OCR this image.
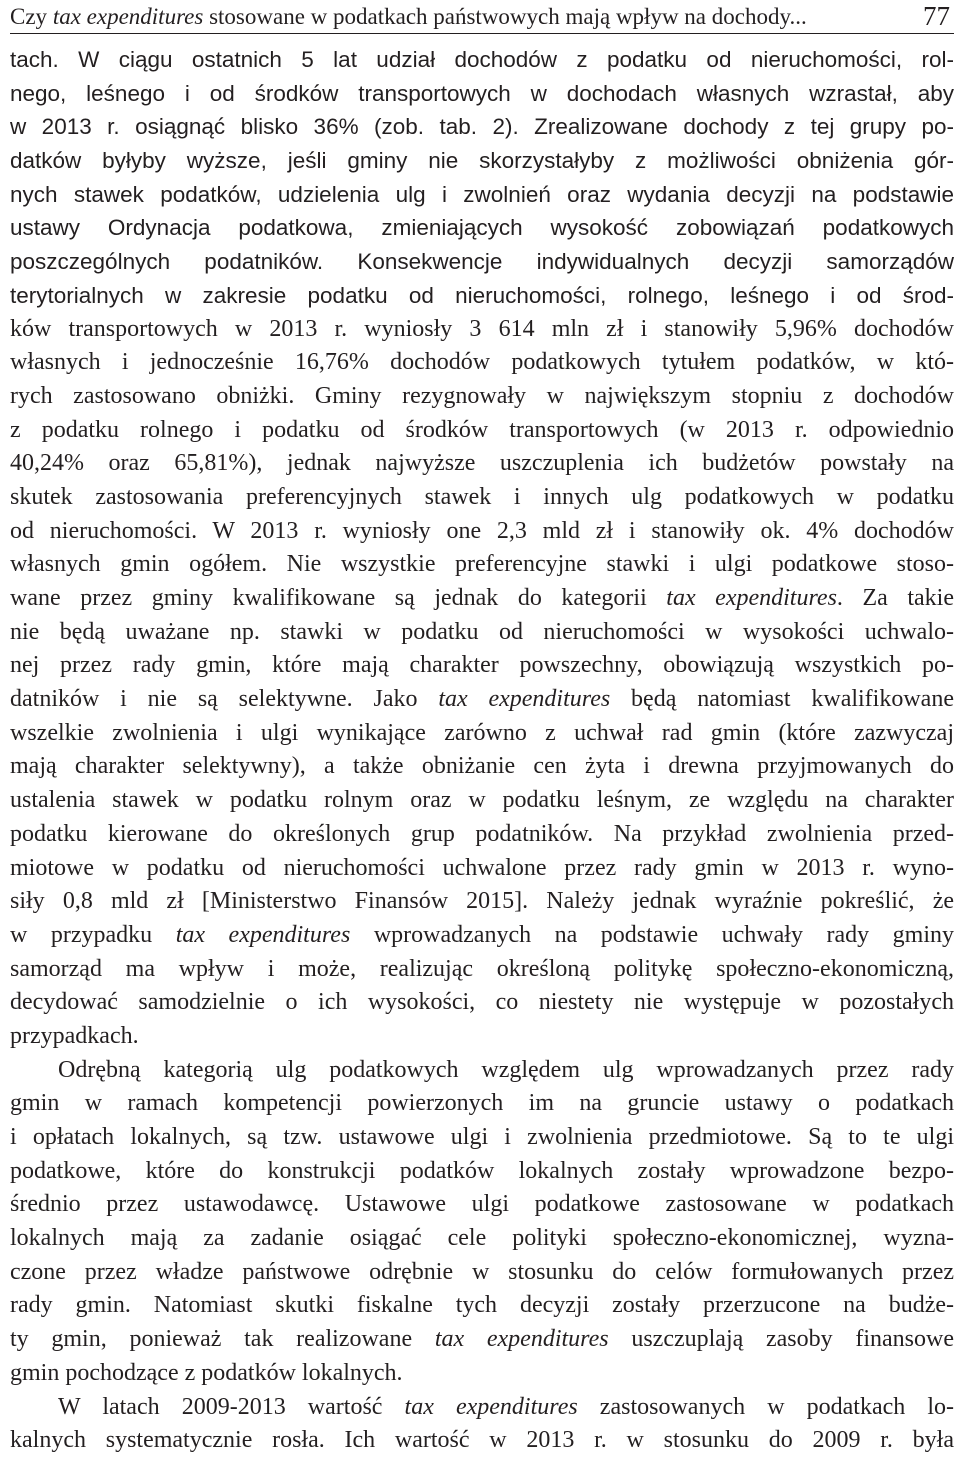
Czy tax expenditures stosowane w podatkach państwowych mają wpływ na dochody...	77
tach. W ciągu ostatnich 5 lat udział dochodów z podatku od nieruchomości, rol-
nego, leśnego i od środków transportowych w dochodach własnych wzrastał, aby
w 2013 r. osiągnąć blisko 36% (zob. tab. 2). Zrealizowane dochody z tej grupy po-
datków byłyby wyższe, jeśli gminy nie skorzystałyby z możliwości obniżenia gór-
nych stawek podatków, udzielenia ulg i zwolnień oraz wydania decyzji na podstawie
ustawy Ordynacja podatkowa, zmieniających wysokość zobowiązań podatkowych
poszczególnych podatników. Konsekwencje indywidualnych decyzji samorządów
terytorialnych w zakresie podatku od nieruchomości, rolnego, leśnego i od środ-
ków transportowych w 2013 r. wyniosły 3 614 mln zł i stanowiły 5,96% dochodów
własnych i jednocześnie 16,76% dochodów podatkowych tytułem podatków, w któ-
rych zastosowano obniżki. Gminy rezygnowały w największym stopniu z dochodów
z podatku rolnego i podatku od środków transportowych (w 2013 r. odpowiednio
40,24% oraz 65,81%), jednak najwyższe uszczuplenia ich budżetów powstały na
skutek zastosowania preferencyjnych stawek i innych ulg podatkowych w podatku
od nieruchomości. W 2013 r. wyniosły one 2,3 mld zł i stanowiły ok. 4% dochodów
własnych gmin ogółem. Nie wszystkie preferencyjne stawki i ulgi podatkowe stoso-
wane przez gminy kwalifikowane są jednak do kategorii tax expenditures. Za takie
nie będą uważane np. stawki w podatku od nieruchomości w wysokości uchwalo-
nej przez rady gmin, które mają charakter powszechny, obowiązują wszystkich po-
datników i nie są selektywne. Jako tax expenditures będą natomiast kwalifikowane
wszelkie zwolnienia i ulgi wynikające zarówno z uchwał rad gmin (które zazwyczaj
mają charakter selektywny), a także obniżanie cen żyta i drewna przyjmowanych do
ustalenia stawek w podatku rolnym oraz w podatku leśnym, ze względu na charakter
podatku kierowane do określonych grup podatników. Na przykład zwolnienia przed-
miotowe w podatku od nieruchomości uchwalone przez rady gmin w 2013 r. wyno-
siły 0,8 mld zł [Ministerstwo Finansów 2015]. Należy jednak wyraźnie pokreślić, że
w przypadku tax expenditures wprowadzanych na podstawie uchwały rady gminy
samorząd ma wpływ i może, realizując określoną politykę społeczno-ekonomiczną,
decydować samodzielnie o ich wysokości, co niestety nie występuje w pozostałych
przypadkach.
Odrębną kategorią ulg podatkowych względem ulg wprowadzanych przez rady
gmin w ramach kompetencji powierzonych im na gruncie ustawy o podatkach
i opłatach lokalnych, są tzw. ustawowe ulgi i zwolnienia przedmiotowe. Są to te ulgi
podatkowe, które do konstrukcji podatków lokalnych zostały wprowadzone bezpo-
średnio przez ustawodawcę. Ustawowe ulgi podatkowe zastosowane w podatkach
lokalnych mają za zadanie osiągać cele polityki społeczno-ekonomicznej, wyzna-
czone przez władze państwowe odrębnie w stosunku do celów formułowanych przez
rady gmin. Natomiast skutki fiskalne tych decyzji zostały przerzucone na budże-
ty gmin, ponieważ tak realizowane tax expenditures uszczuplają zasoby finansowe
gmin pochodzące z podatków lokalnych.
W latach 2009-2013 wartość tax expenditures zastosowanych w podatkach lo-
kalnych systematycznie rosła. Ich wartość w 2013 r. w stosunku do 2009 r. była
